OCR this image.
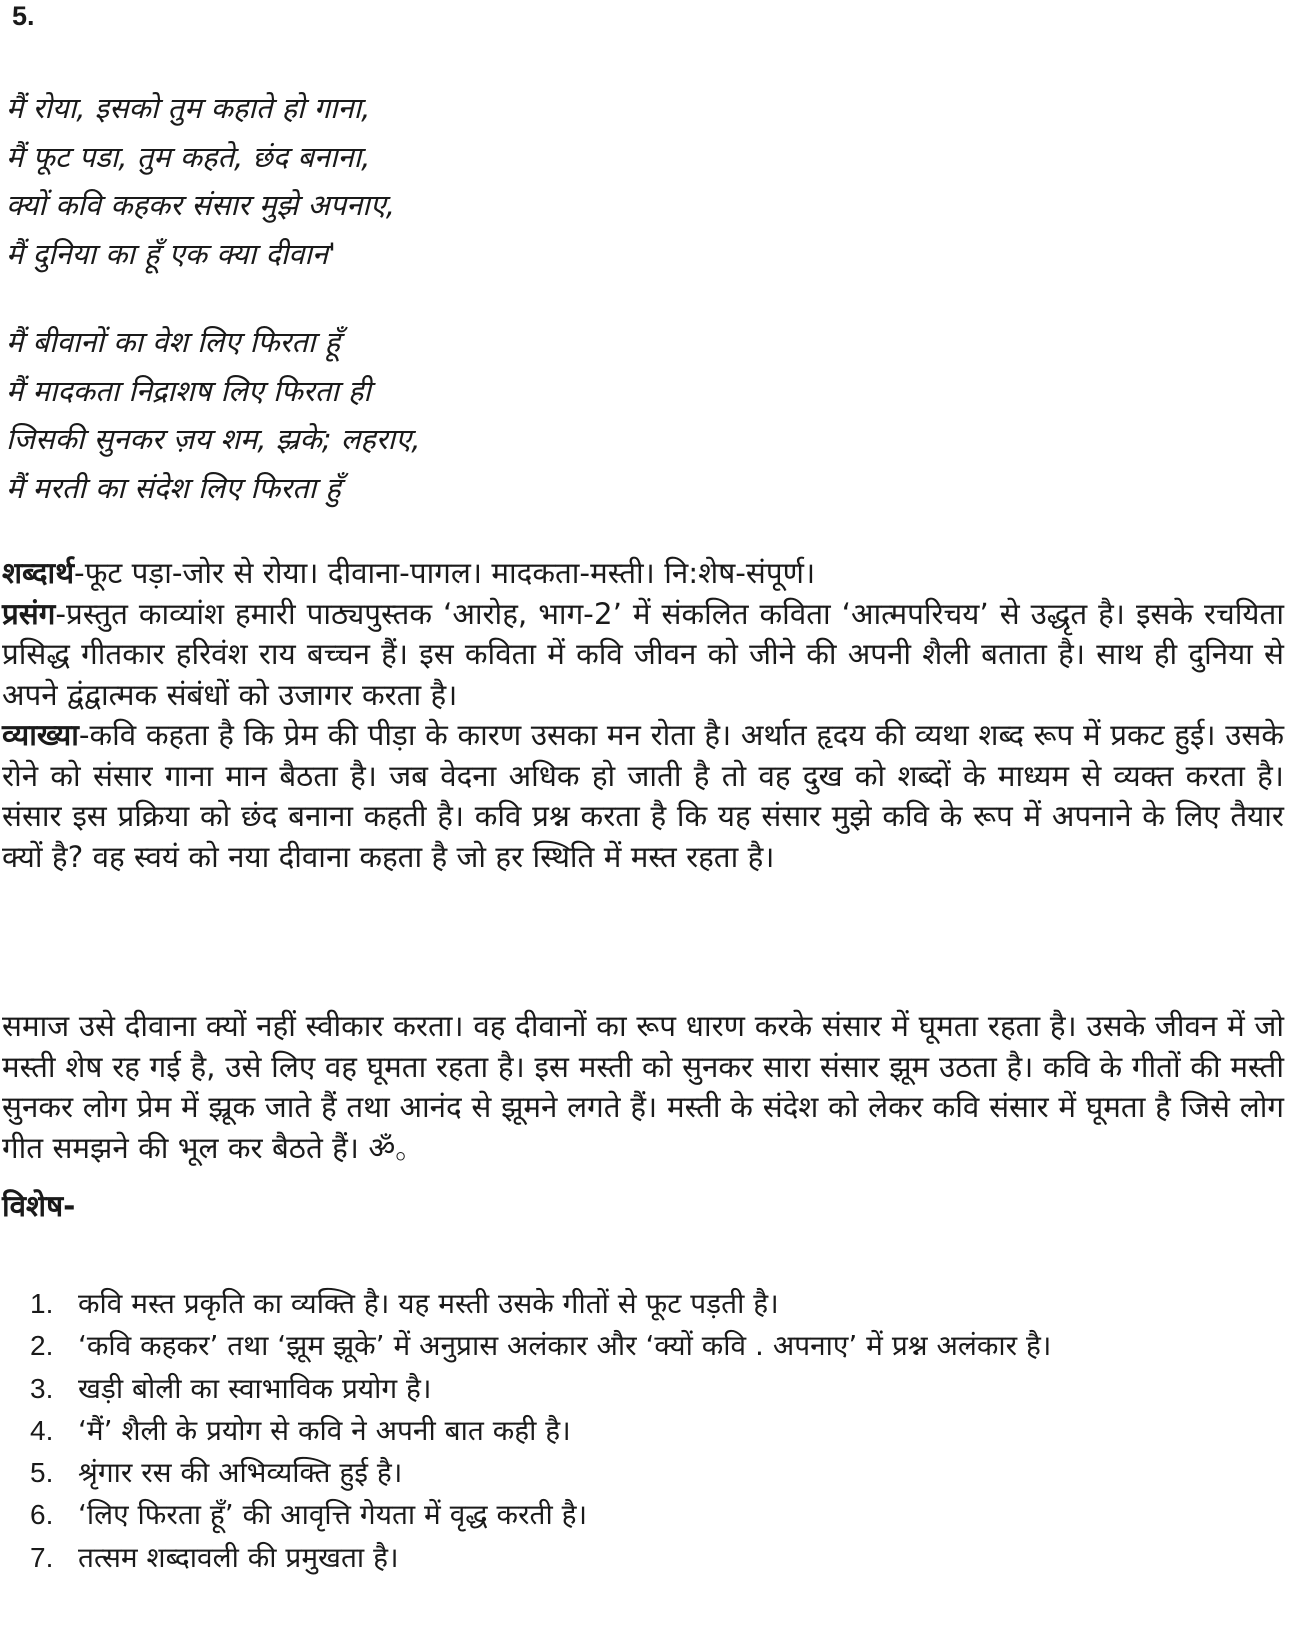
5.
मैं रोया, इसको तुम कहाते हो गाना,
मैं फूट पडा, तुम कहते, छंद बनाना,
क्यों कवि कहकर संसार मुझे अपनाए,
मैं दुनिया का हूँ एक क्या दीवान'
मैं बीवानों का वेश लिए फिरता हूँ
मैं मादकता निद्राशष लिए फिरता ही
जिसकी सुनकर ज़य शम, झ्रके; लहराए,
मैं मरती का संदेश लिए फिरता हुँ
शब्दार्थ-फूट पड़ा-जोर से रोया। दीवाना-पागल। मादकता-मस्ती। नि:शेष-संपूर्ण।
प्रसंग-प्रस्तुत काव्यांश हमारी पाठ्यपुस्तक ‘आरोह, भाग-2’ में संकलित कविता ‘आत्मपरिचय’ से उद्धृत है। इसके रचयिता प्रसिद्ध गीतकार हरिवंश राय बच्चन हैं। इस कविता में कवि जीवन को जीने की अपनी शैली बताता है। साथ ही दुनिया से अपने द्वंद्वात्मक संबंधों को उजागर करता है।
व्याख्या-कवि कहता है कि प्रेम की पीड़ा के कारण उसका मन रोता है। अर्थात हृदय की व्यथा शब्द रूप में प्रकट हुई। उसके रोने को संसार गाना मान बैठता है। जब वेदना अधिक हो जाती है तो वह दुख को शब्दों के माध्यम से व्यक्त करता है। संसार इस प्रक्रिया को छंद बनाना कहती है। कवि प्रश्न करता है कि यह संसार मुझे कवि के रूप में अपनाने के लिए तैयार क्यों है? वह स्वयं को नया दीवाना कहता है जो हर स्थिति में मस्त रहता है।
समाज उसे दीवाना क्यों नहीं स्वीकार करता। वह दीवानों का रूप धारण करके संसार में घूमता रहता है। उसके जीवन में जो मस्ती शेष रह गई है, उसे लिए वह घूमता रहता है। इस मस्ती को सुनकर सारा संसार झूम उठता है। कवि के गीतों की मस्ती सुनकर लोग प्रेम में झ्रूक जाते हैं तथा आनंद से झूमने लगते हैं। मस्ती के संदेश को लेकर कवि संसार में घूमता है जिसे लोग गीत समझने की भूल कर बैठते हैं। ॐ。
विशेष-
1. कवि मस्त प्रकृति का व्यक्ति है। यह मस्ती उसके गीतों से फूट पड़ती है।
2. ‘कवि कहकर’ तथा ‘झूम झूके’ में अनुप्रास अलंकार और ‘क्यों कवि . अपनाए’ में प्रश्न अलंकार है।
3. खड़ी बोली का स्वाभाविक प्रयोग है।
4. ‘मैं’ शैली के प्रयोग से कवि ने अपनी बात कही है।
5. श्रृंगार रस की अभिव्यक्ति हुई है।
6. ‘लिए फिरता हूँ’ की आवृत्ति गेयता में वृद्ध करती है।
7. तत्सम शब्दावली की प्रमुखता है।
